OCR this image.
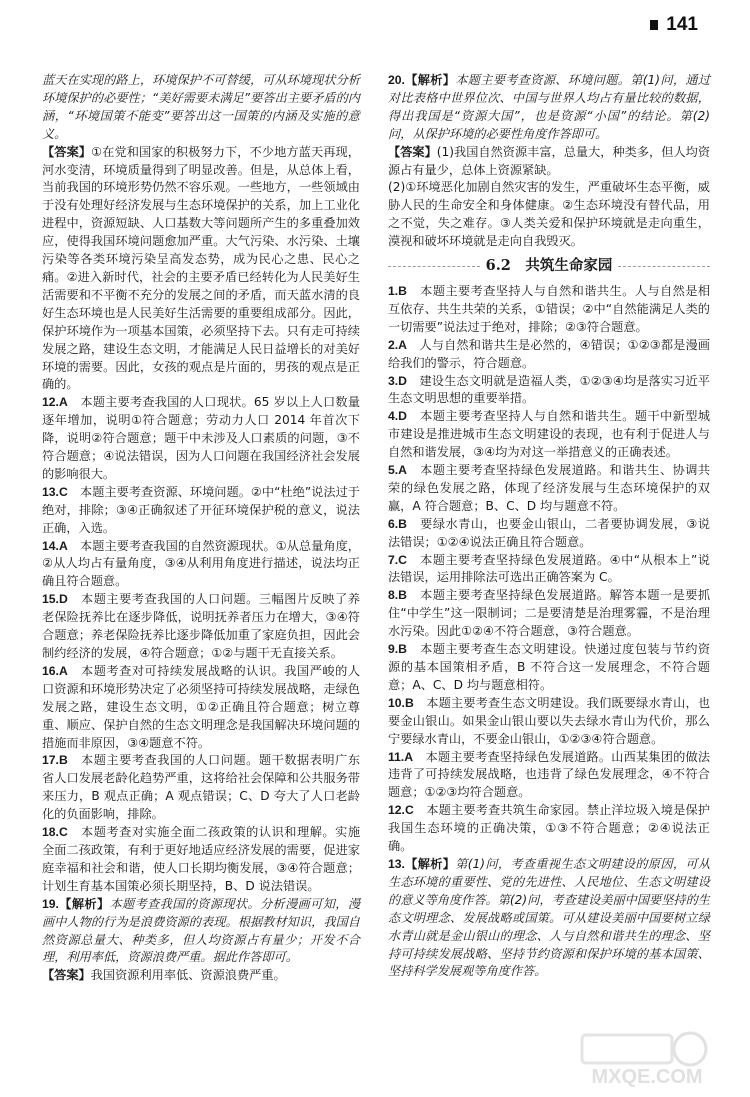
141

蓝天在实现的路上，环境保护不可替缓，可从环境现状分析环境保护的必要性；“美好需要未满足”要答出主要矛盾的内涵，“环境国策不能变”要答出这一国策的内涵及实施的意义。

【答案】①在党和国家的积极努力下，不少地方蓝天再现，河水变清，环境质量得到了明显改善。但是，从总体上看，当前我国的环境形势仍然不容乐观。一些地方，一些领域由于没有处理好经济发展与生态环境保护的关系，加上工业化进程中，资源短缺、人口基数大等问题所产生的多重叠加效应，使得我国环境问题愈加严重。大气污染、水污染、土壤污染等各类环境污染呈高发态势，成为民心之患、民心之痛。②进入新时代，社会的主要矛盾已经转化为人民美好生活需要和不平衡不充分的发展之间的矛盾，而天蓝水清的良好生态环境也是人民美好生活需要的重要组成部分。因此，保护环境作为一项基本国策，必须坚持下去。只有走可持续发展之路，建设生态文明，才能满足人民日益增长的对美好环境的需要。因此，女孩的观点是片面的，男孩的观点是正确的。

12.A　 本题主要考查我国的人口现状。65 岁以上人口数量逐年增加，说明①符合题意；劳动力人口 2014 年首次下降，说明②符合题意；题干中未涉及人口素质的问题，③不符合题意；④说法错误，因为人口问题在我国经济社会发展的影响很大。

13.C　 本题主要考查资源、环境问题。②中“杜绝”说法过于绝对，排除；③④正确叙述了开征环境保护税的意义，说法正确，入选。

14.A　 本题主要考查我国的自然资源现状。①从总量角度，②从人均占有量角度，③④从利用角度进行描述，说法均正确且符合题意。

15.D　 本题主要考查我国的人口问题。三幅图片反映了养老保险抚养比在逐步降低，说明抚养者压力在增大，③④符合题意；养老保险抚养比逐步降低加重了家庭负担，因此会制约经济的发展，④符合题意；①②与题干无直接关系。

16.A　 本题考查对可持续发展战略的认识。我国严峻的人口资源和环境形势决定了必须坚持可持续发展战略，走绿色发展之路，建设生态文明，①②正确且符合题意；树立尊重、顺应、保护自然的生态文明理念是我国解决环境问题的措施而非原因，③④题意不符。

17.B　 本题主要考查我国的人口问题。题干数据表明广东省人口发展老龄化趋势严重，这将给社会保障和公共服务带来压力，B 观点正确；A 观点错误；C、D 夸大了人口老龄化的负面影响，排除。

18.C　 本题考查对实施全面二孩政策的认识和理解。实施全面二孩政策，有利于更好地适应经济发展的需要，促进家庭幸福和社会和谐，使人口长期均衡发展，③④符合题意；计划生育基本国策必须长期坚持，B、D 说法错误。

19.【解析】本题考查我国的资源现状。分析漫画可知，漫画中人物的行为是浪费资源的表现。根据教材知识，我国自然资源总量大、种类多，但人均资源占有量少；开发不合理，利用率低，资源浪费严重。据此作答即可。

【答案】我国资源利用率低、资源浪费严重。

20.【解析】本题主要考查资源、环境问题。第(1)问，通过对比表格中世界位次、中国与世界人均占有量比较的数据，得出我国是“资源大国”，也是资源“小国”的结论。第(2)问，从保护环境的必要性角度作答即可。

【答案】(1)我国自然资源丰富，总量大，种类多，但人均资源占有量少，总体上资源紧缺。

(2)①环境恶化加剧自然灾害的发生，严重破坏生态平衡，威胁人民的生命安全和身体健康。②生态环境没有替代品，用之不觉，失之难存。③人类关爱和保护环境就是走向重生，漠视和破坏环境就是走向自我毁灭。

6.2　共筑生命家园

1.B　 本题主要考查坚持人与自然和谐共生。人与自然是相互依存、共生共荣的关系，①错误；②中“自然能满足人类的一切需要”说法过于绝对，排除；②③符合题意。

2.A　 人与自然和谐共生是必然的，④错误；①②③都是漫画给我们的警示，符合题意。

3.D　 建设生态文明就是造福人类，①②③④均是落实习近平生态文明思想的重要举措。

4.D　 本题主要考查坚持人与自然和谐共生。题干中新型城市建设是推进城市生态文明建设的表现，也有利于促进人与自然和谐发展，③④均为对这一举措意义的正确表述。

5.A　 本题主要考查坚持绿色发展道路。和谐共生、协调共荣的绿色发展之路，体现了经济发展与生态环境保护的双赢，A 符合题意；B、C、D 均与题意不符。

6.B　 要绿水青山，也要金山银山，二者要协调发展，③说法错误；①②④说法正确且符合题意。

7.C　 本题主要考查坚持绿色发展道路。④中“从根本上”说法错误，运用排除法可选出正确答案为 C。

8.B　 本题主要考查坚持绿色发展道路。解答本题一是要抓住“中学生”这一限制词；二是要清楚是治理雾霾，不是治理水污染。因此①②④不符合题意，③符合题意。

9.B　 本题主要考查生态文明建设。快递过度包装与节约资源的基本国策相矛盾，B 不符合这一发展理念，不符合题意；A、C、D 均与题意相符。

10.B　 本题主要考查生态文明建设。我们既要绿水青山，也要金山银山。如果金山银山要以失去绿水青山为代价，那么宁要绿水青山，不要金山银山，①②③④符合题意。

11.A　 本题主要考查坚持绿色发展道路。山西某集团的做法违背了可持续发展战略，也违背了绿色发展理念，④不符合题意；①②③均符合题意。

12.C　 本题主要考查共筑生命家园。禁止洋垃圾入境是保护我国生态环境的正确决策，①③不符合题意；②④说法正确。

13.【解析】第(1)问，考查重视生态文明建设的原因，可从生态环境的重要性、党的先进性、人民地位、生态文明建设的意义等角度作答。第(2)问，考查建设美丽中国要坚持的生态文明理念、发展战略或国策。可从建设美丽中国要树立绿水青山就是金山银山的理念、人与自然和谐共生的理念、坚持可持续发展战略、坚持节约资源和保护环境的基本国策、坚持科学发展观等角度作答。

MXQE.COM
